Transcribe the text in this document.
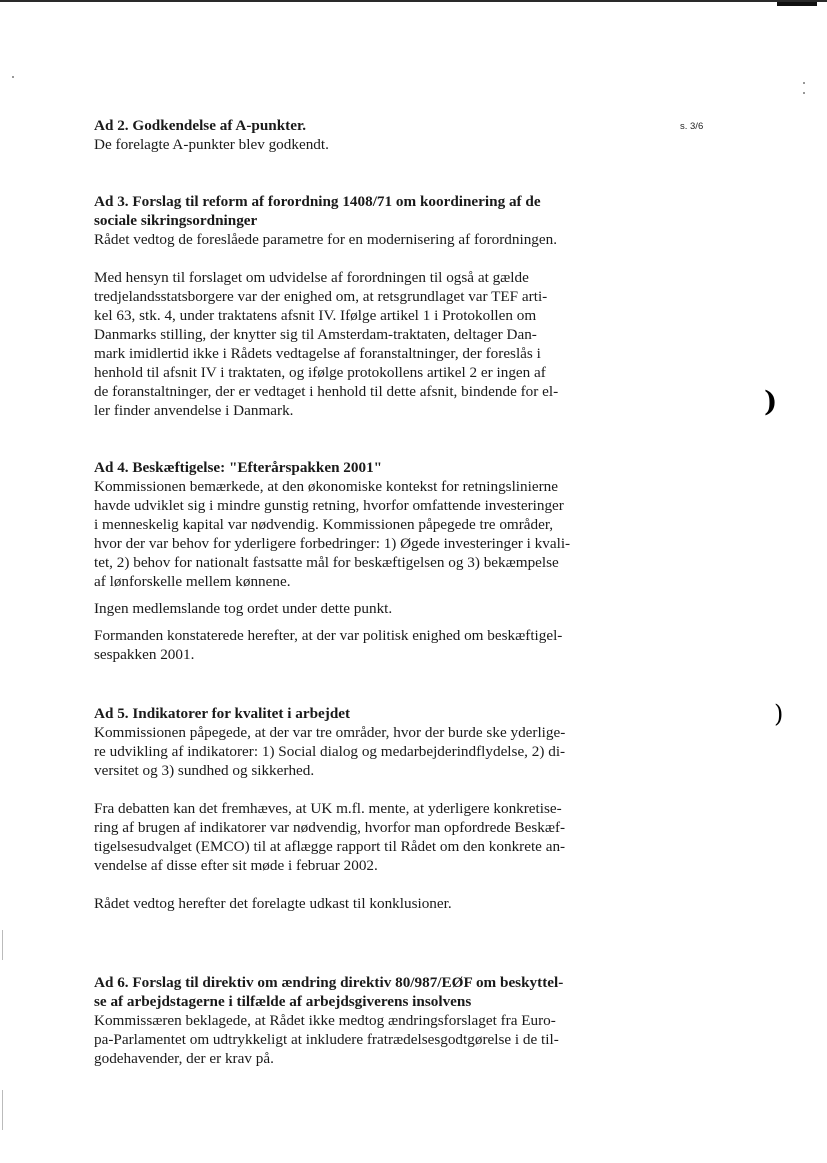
s. 3/6
)
)

Ad 2. Godkendelse af A-punkter.

De forelagte A-punkter blev godkendt.

Ad 3. Forslag til reform af forordning 1408/71 om koordinering af de

sociale sikringsordninger

Rådet vedtog de foreslåede parametre for en modernisering af forordningen.

Med hensyn til forslaget om udvidelse af forordningen til også at gælde

tredjelandsstatsborgere var der enighed om, at retsgrundlaget var TEF arti-

kel 63, stk. 4, under traktatens afsnit IV. Ifølge artikel 1 i Protokollen om

Danmarks stilling, der knytter sig til Amsterdam-traktaten, deltager Dan-

mark imidlertid ikke i Rådets vedtagelse af foranstaltninger, der foreslås i

henhold til afsnit IV i traktaten, og ifølge protokollens artikel 2 er ingen af

de foranstaltninger, der er vedtaget i henhold til dette afsnit, bindende for el-

ler finder anvendelse i Danmark.

Ad 4. Beskæftigelse: "Efterårspakken 2001"

Kommissionen bemærkede, at den økonomiske kontekst for retningslinierne

havde udviklet sig i mindre gunstig retning, hvorfor omfattende investeringer

i menneskelig kapital var nødvendig. Kommissionen påpegede tre områder,

hvor der var behov for yderligere forbedringer: 1) Øgede investeringer i kvali-

tet, 2) behov for nationalt fastsatte mål for beskæftigelsen og 3) bekæmpelse

af lønforskelle mellem kønnene.

Ingen medlemslande tog ordet under dette punkt.

Formanden konstaterede herefter, at der var politisk enighed om beskæftigel-

sespakken 2001.

Ad 5. Indikatorer for kvalitet i arbejdet

Kommissionen påpegede, at der var tre områder, hvor der burde ske yderlige-

re udvikling af indikatorer: 1) Social dialog og medarbejderindflydelse, 2) di-

versitet og 3) sundhed og sikkerhed.

Fra debatten kan det fremhæves, at UK m.fl. mente, at yderligere konkretise-

ring af brugen af indikatorer var nødvendig, hvorfor man opfordrede Beskæf-

tigelsesudvalget (EMCO) til at aflægge rapport til Rådet om den konkrete an-

vendelse af disse efter sit møde i februar 2002.

Rådet vedtog herefter det forelagte udkast til konklusioner.

Ad 6. Forslag til direktiv om ændring direktiv 80/987/EØF om beskyttel-

se af arbejdstagerne i tilfælde af arbejdsgiverens insolvens

Kommissæren beklagede, at Rådet ikke medtog ændringsforslaget fra Euro-

pa-Parlamentet om udtrykkeligt at inkludere fratrædelsesgodtgørelse i de til-

godehavender, der er krav på.
